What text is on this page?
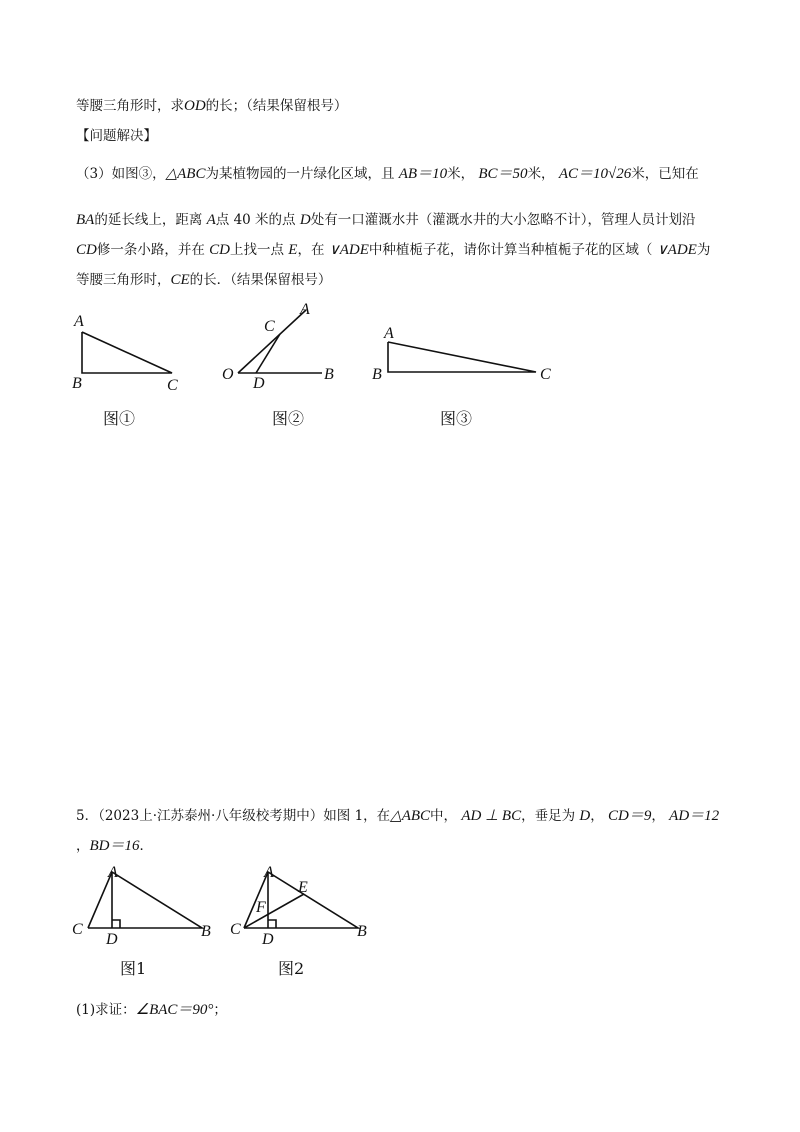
等腰三角形时，求OD的长；（结果保留根号）

【问题解决】

（3）如图③，△ABC为某植物园的一片绿化区域，且 AB＝10米， BC＝50米， AC＝10√26米，已知在

BA的延长线上，距离 A点 40 米的点 D处有一口灌溉水井（灌溉水井的大小忽略不计），管理人员计划沿

CD修一条小路，并在 CD上找一点 E，在 ∨ADE中种植栀子花，请你计算当种植栀子花的区域（ ∨ADE为

等腰三角形时，CE的长．（结果保留根号）

A
B	C
图①
A
C
O
D
B
图②
A
B	C
图③

5．（2023上·江苏泰州·八年级校考期中）如图 1，在△ABC中， AD ⊥ BC，垂足为 D， CD＝9， AD＝12

，BD＝16．

A
C
D	B
图1
A
E
F
C
D	B
图2

(1)求证：∠BAC＝90°；
